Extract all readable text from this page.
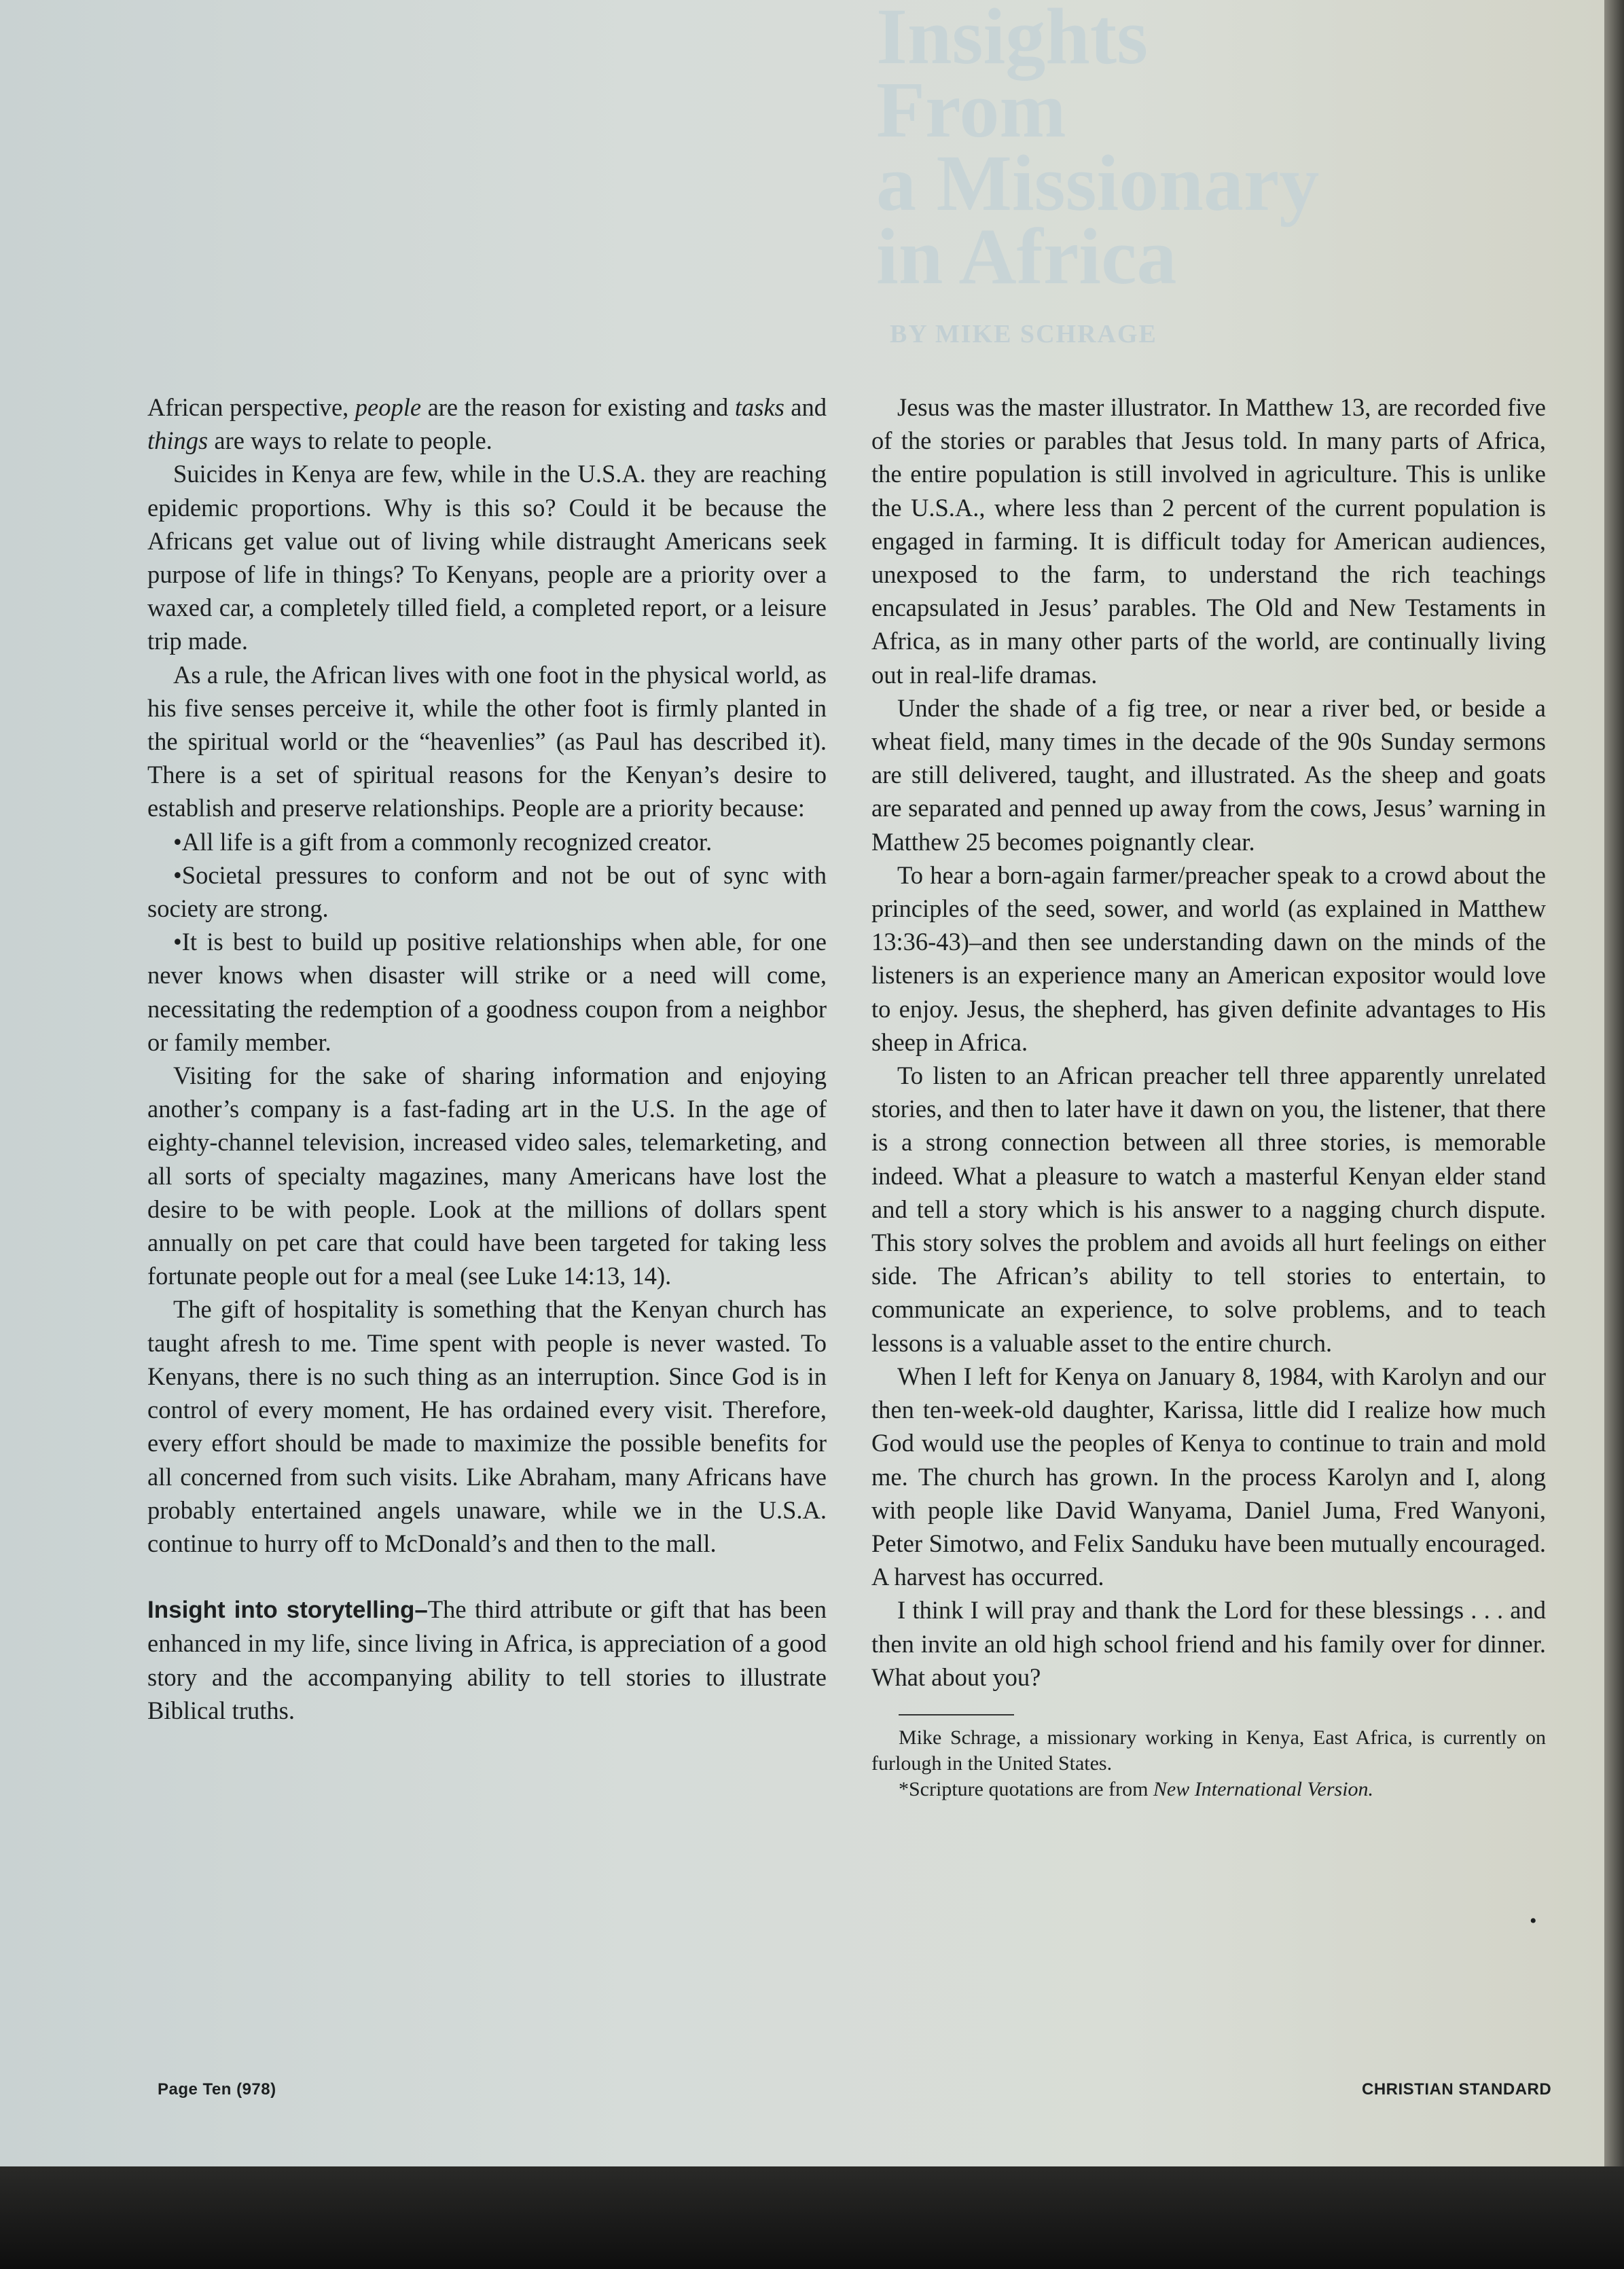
Insights
From
a Missionary
in Africa
BY MIKE SCHRAGE

African perspective, people are the reason for existing and tasks and things are ways to relate to people.

Suicides in Kenya are few, while in the U.S.A. they are reaching epidemic proportions. Why is this so? Could it be because the Africans get value out of living while distraught Americans seek purpose of life in things? To Kenyans, people are a priority over a waxed car, a completely tilled field, a completed report, or a leisure trip made.

As a rule, the African lives with one foot in the physical world, as his five senses perceive it, while the other foot is firmly planted in the spiritual world or the “heavenlies” (as Paul has described it). There is a set of spiritual reasons for the Kenyan’s desire to establish and preserve relationships. People are a priority because:

•All life is a gift from a commonly recognized creator.

•Societal pressures to conform and not be out of sync with society are strong.

•It is best to build up positive relationships when able, for one never knows when disaster will strike or a need will come, necessitating the redemption of a goodness coupon from a neighbor or family member.

Visiting for the sake of sharing information and enjoying another’s company is a fast-fading art in the U.S. In the age of eighty-channel television, increased video sales, telemarketing, and all sorts of specialty magazines, many Americans have lost the desire to be with people. Look at the millions of dollars spent annually on pet care that could have been targeted for taking less fortunate people out for a meal (see Luke 14:13, 14).

The gift of hospitality is something that the Kenyan church has taught afresh to me. Time spent with people is never wasted. To Kenyans, there is no such thing as an interruption. Since God is in control of every moment, He has ordained every visit. Therefore, every effort should be made to maximize the possible benefits for all concerned from such visits. Like Abraham, many Africans have probably entertained angels unaware, while we in the U.S.A. continue to hurry off to McDonald’s and then to the mall.

Insight into storytelling–The third attribute or gift that has been enhanced in my life, since living in Africa, is appreciation of a good story and the accompanying ability to tell stories to illustrate Biblical truths.

Jesus was the master illustrator. In Matthew 13, are recorded five of the stories or parables that Jesus told. In many parts of Africa, the entire population is still involved in agriculture. This is unlike the U.S.A., where less than 2 percent of the current population is engaged in farming. It is difficult today for American audiences, unexposed to the farm, to understand the rich teachings encapsulated in Jesus’ parables. The Old and New Testaments in Africa, as in many other parts of the world, are continually living out in real-life dramas.

Under the shade of a fig tree, or near a river bed, or beside a wheat field, many times in the decade of the 90s Sunday sermons are still delivered, taught, and illustrated. As the sheep and goats are separated and penned up away from the cows, Jesus’ warning in Matthew 25 becomes poignantly clear.

To hear a born-again farmer/preacher speak to a crowd about the principles of the seed, sower, and world (as explained in Matthew 13:36-43)–and then see understanding dawn on the minds of the listeners is an experience many an American expositor would love to enjoy. Jesus, the shepherd, has given definite advantages to His sheep in Africa.

To listen to an African preacher tell three apparently unrelated stories, and then to later have it dawn on you, the listener, that there is a strong connection between all three stories, is memorable indeed. What a pleasure to watch a masterful Kenyan elder stand and tell a story which is his answer to a nagging church dispute. This story solves the problem and avoids all hurt feelings on either side. The African’s ability to tell stories to entertain, to communicate an experience, to solve problems, and to teach lessons is a valuable asset to the entire church.

When I left for Kenya on January 8, 1984, with Karolyn and our then ten-week-old daughter, Karissa, little did I realize how much God would use the peoples of Kenya to continue to train and mold me. The church has grown. In the process Karolyn and I, along with people like David Wanyama, Daniel Juma, Fred Wanyoni, Peter Simotwo, and Felix Sanduku have been mutually encouraged. A harvest has occurred.

I think I will pray and thank the Lord for these blessings . . . and then invite an old high school friend and his family over for dinner. What about you?

Mike Schrage, a missionary working in Kenya, East Africa, is currently on furlough in the United States.

*Scripture quotations are from New International Version.

•
Page Ten (978)	CHRISTIAN STANDARD
